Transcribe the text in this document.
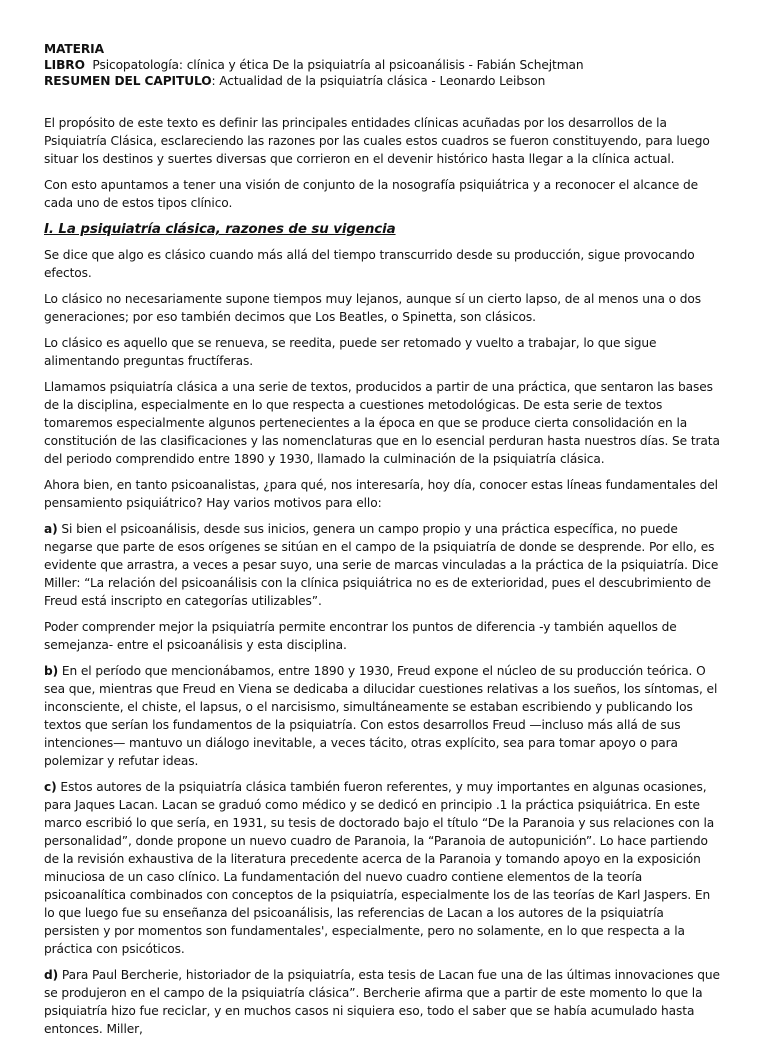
MATERIA
LIBRO Psicopatología: clínica y ética De la psiquiatría al psicoanálisis - Fabián Schejtman
RESUMEN DEL CAPITULO: Actualidad de la psiquiatría clásica - Leonardo Leibson

El propósito de este texto es definir las principales entidades clínicas acuñadas por los desarrollos de la Psiquiatría Clásica, esclareciendo las razones por las cuales estos cuadros se fueron constituyendo, para luego situar los destinos y suertes diversas que corrieron en el devenir histórico hasta llegar a la clínica actual.

Con esto apuntamos a tener una visión de conjunto de la nosografía psiquiátrica y a reconocer el alcance de cada uno de estos tipos clínico.

I. La psiquiatría clásica, razones de su vigencia

Se dice que algo es clásico cuando más allá del tiempo transcurrido desde su producción, sigue provocando efectos.

Lo clásico no necesariamente supone tiempos muy lejanos, aunque sí un cierto lapso, de al menos una o dos generaciones; por eso también decimos que Los Beatles, o Spinetta, son clásicos.

Lo clásico es aquello que se renueva, se reedita, puede ser retomado y vuelto a trabajar, lo que sigue alimentando preguntas fructíferas.

Llamamos psiquiatría clásica a una serie de textos, producidos a partir de una práctica, que sentaron las bases de la disciplina, especialmente en lo que respecta a cuestiones metodológicas. De esta serie de textos tomaremos especialmente algunos pertenecientes a la época en que se produce cierta consolidación en la constitución de las clasificaciones y las nomenclaturas que en lo esencial perduran hasta nuestros días. Se trata del periodo comprendido entre 1890 y 1930, llamado la culminación de la psiquiatría clásica.

Ahora bien, en tanto psicoanalistas, ¿para qué, nos interesaría, hoy día, conocer estas líneas fundamentales del pensamiento psiquiátrico? Hay varios motivos para ello:

a) Si bien el psicoanálisis, desde sus inicios, genera un campo propio y una práctica específica, no puede negarse que parte de esos orígenes se sitúan en el campo de la psiquiatría de donde se desprende. Por ello, es evidente que arrastra, a veces a pesar suyo, una serie de marcas vinculadas a la práctica de la psiquiatría. Dice Miller: “La relación del psicoanálisis con la clínica psiquiátrica no es de exterioridad, pues el descubrimiento de Freud está inscripto en categorías utilizables”.

Poder comprender mejor la psiquiatría permite encontrar los puntos de diferencia -y también aquellos de semejanza- entre el psicoanálisis y esta disciplina.

b) En el período que mencionábamos, entre 1890 y 1930, Freud expone el núcleo de su producción teórica. O sea que, mientras que Freud en Viena se dedicaba a dilucidar cuestiones relativas a los sueños, los síntomas, el inconsciente, el chiste, el lapsus, o el narcisismo, simultáneamente se estaban escribiendo y publicando los textos que serían los fundamentos de la psiquiatría. Con estos desarrollos Freud —incluso más allá de sus intenciones— mantuvo un diálogo inevitable, a veces tácito, otras explícito, sea para tomar apoyo o para polemizar y refutar ideas.

c) Estos autores de la psiquiatría clásica también fueron referentes, y muy importantes en algunas ocasiones, para Jaques Lacan. Lacan se graduó como médico y se dedicó en principio .1 la práctica psiquiátrica. En este marco escribió lo que sería, en 1931, su tesis de doctorado bajo el título “De la Paranoia y sus relaciones con la personalidad”, donde propone un nuevo cuadro de Paranoia, la “Paranoia de autopunición”. Lo hace partiendo de la revisión exhaustiva de la literatura precedente acerca de la Paranoia y tomando apoyo en la exposición minuciosa de un caso clínico. La fundamentación del nuevo cuadro contiene elementos de la teoría psicoanalítica combinados con conceptos de la psiquiatría, especialmente los de las teorías de Karl Jaspers. En lo que luego fue su enseñanza del psicoanálisis, las referencias de Lacan a los autores de la psiquiatría persisten y por momentos son fundamentales', especialmente, pero no solamente, en lo que respecta a la práctica con psicóticos.

d) Para Paul Bercherie, historiador de la psiquiatría, esta tesis de Lacan fue una de las últimas innovaciones que se produjeron en el campo de la psiquiatría clásica”. Bercherie afirma que a partir de este momento lo que la psiquiatría hizo fue reciclar, y en muchos casos ni siquiera eso, todo el saber que se había acumulado hasta entonces. Miller,
